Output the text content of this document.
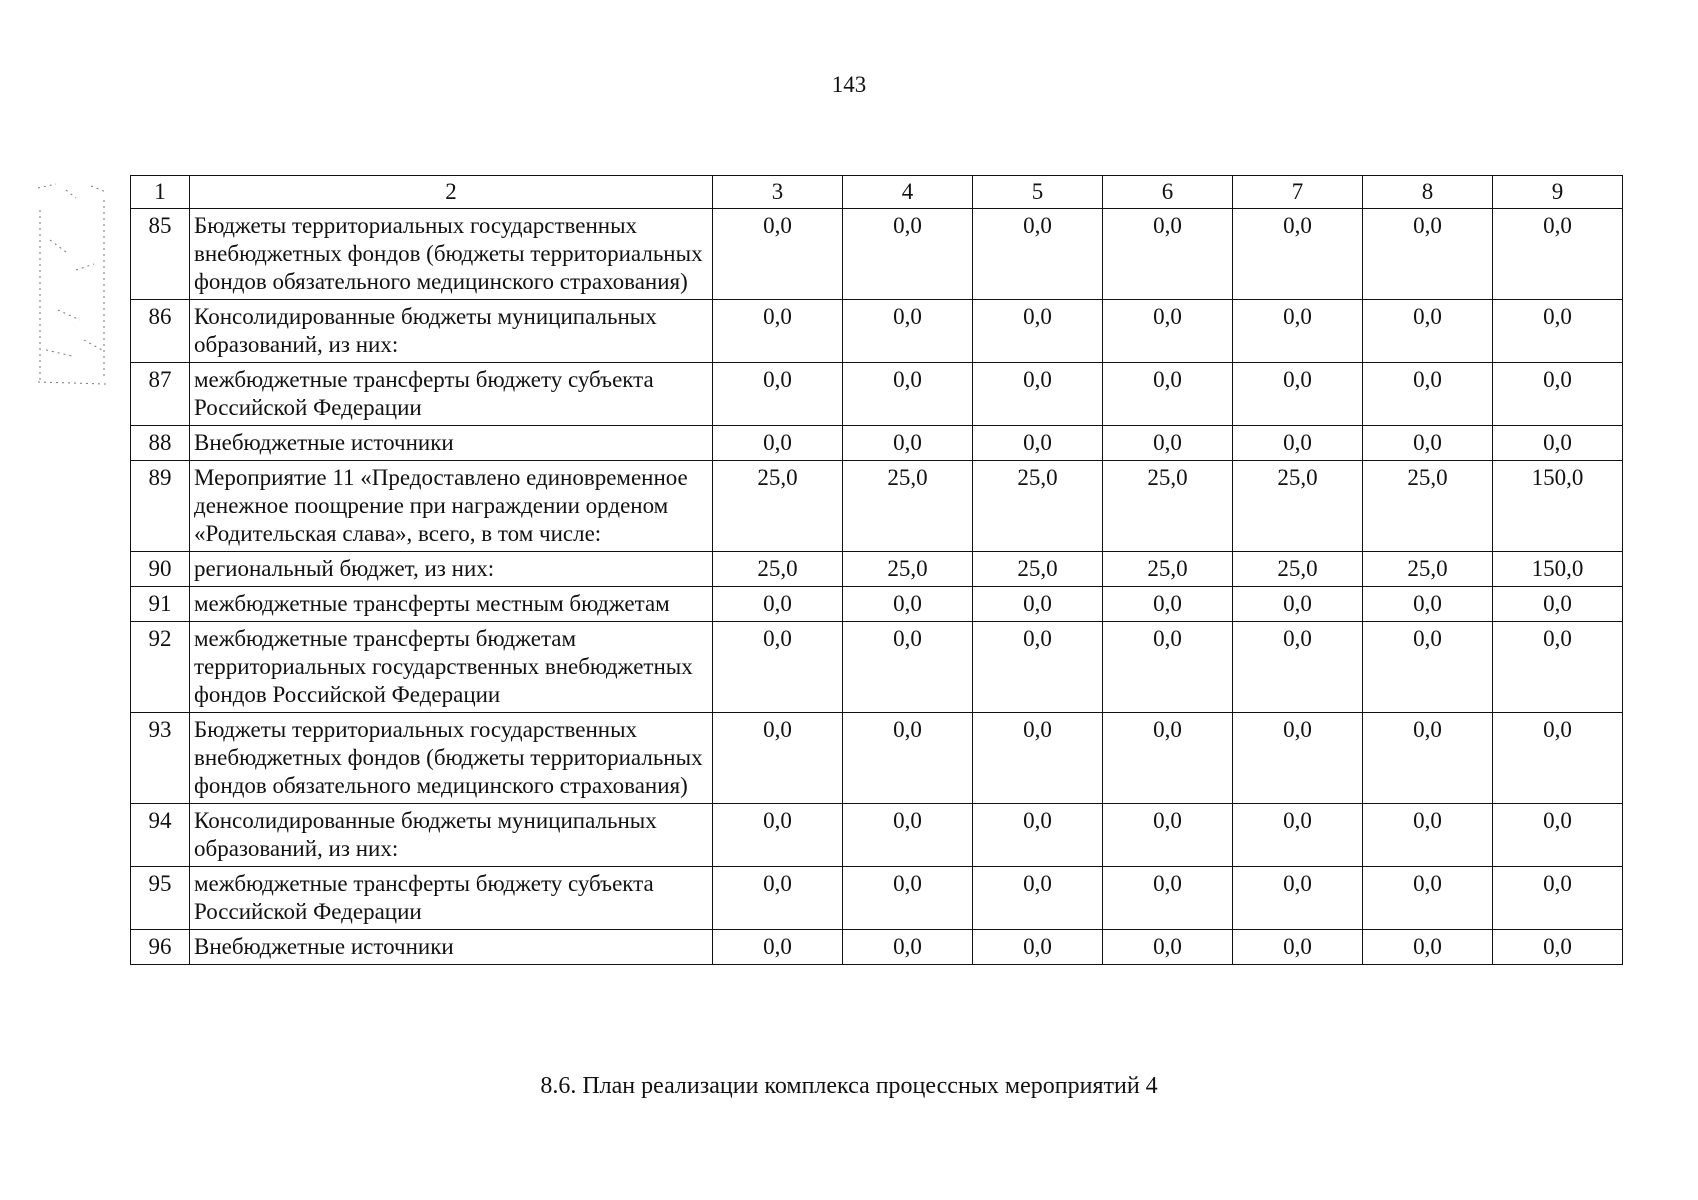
143
1	2	3	4	5	6	7	8	9
85	Бюджеты территориальных государственных внебюджетных фондов (бюджеты территориальных фондов обязательного медицинского страхования)	0,0	0,0	0,0	0,0	0,0	0,0	0,0
86	Консолидированные бюджеты муниципальных образований, из них:	0,0	0,0	0,0	0,0	0,0	0,0	0,0
87	межбюджетные трансферты бюджету субъекта Российской Федерации	0,0	0,0	0,0	0,0	0,0	0,0	0,0
88	Внебюджетные источники	0,0	0,0	0,0	0,0	0,0	0,0	0,0
89	Мероприятие 11 «Предоставлено единовременное денежное поощрение при награждении орденом «Родительская слава», всего, в том числе:	25,0	25,0	25,0	25,0	25,0	25,0	150,0
90	региональный бюджет, из них:	25,0	25,0	25,0	25,0	25,0	25,0	150,0
91	межбюджетные трансферты местным бюджетам	0,0	0,0	0,0	0,0	0,0	0,0	0,0
92	межбюджетные трансферты бюджетам территориальных государственных внебюджетных фондов Российской Федерации	0,0	0,0	0,0	0,0	0,0	0,0	0,0
93	Бюджеты территориальных государственных внебюджетных фондов (бюджеты территориальных фондов обязательного медицинского страхования)	0,0	0,0	0,0	0,0	0,0	0,0	0,0
94	Консолидированные бюджеты муниципальных образований, из них:	0,0	0,0	0,0	0,0	0,0	0,0	0,0
95	межбюджетные трансферты бюджету субъекта Российской Федерации	0,0	0,0	0,0	0,0	0,0	0,0	0,0
96	Внебюджетные источники	0,0	0,0	0,0	0,0	0,0	0,0	0,0
8.6. План реализации комплекса процессных мероприятий 4
